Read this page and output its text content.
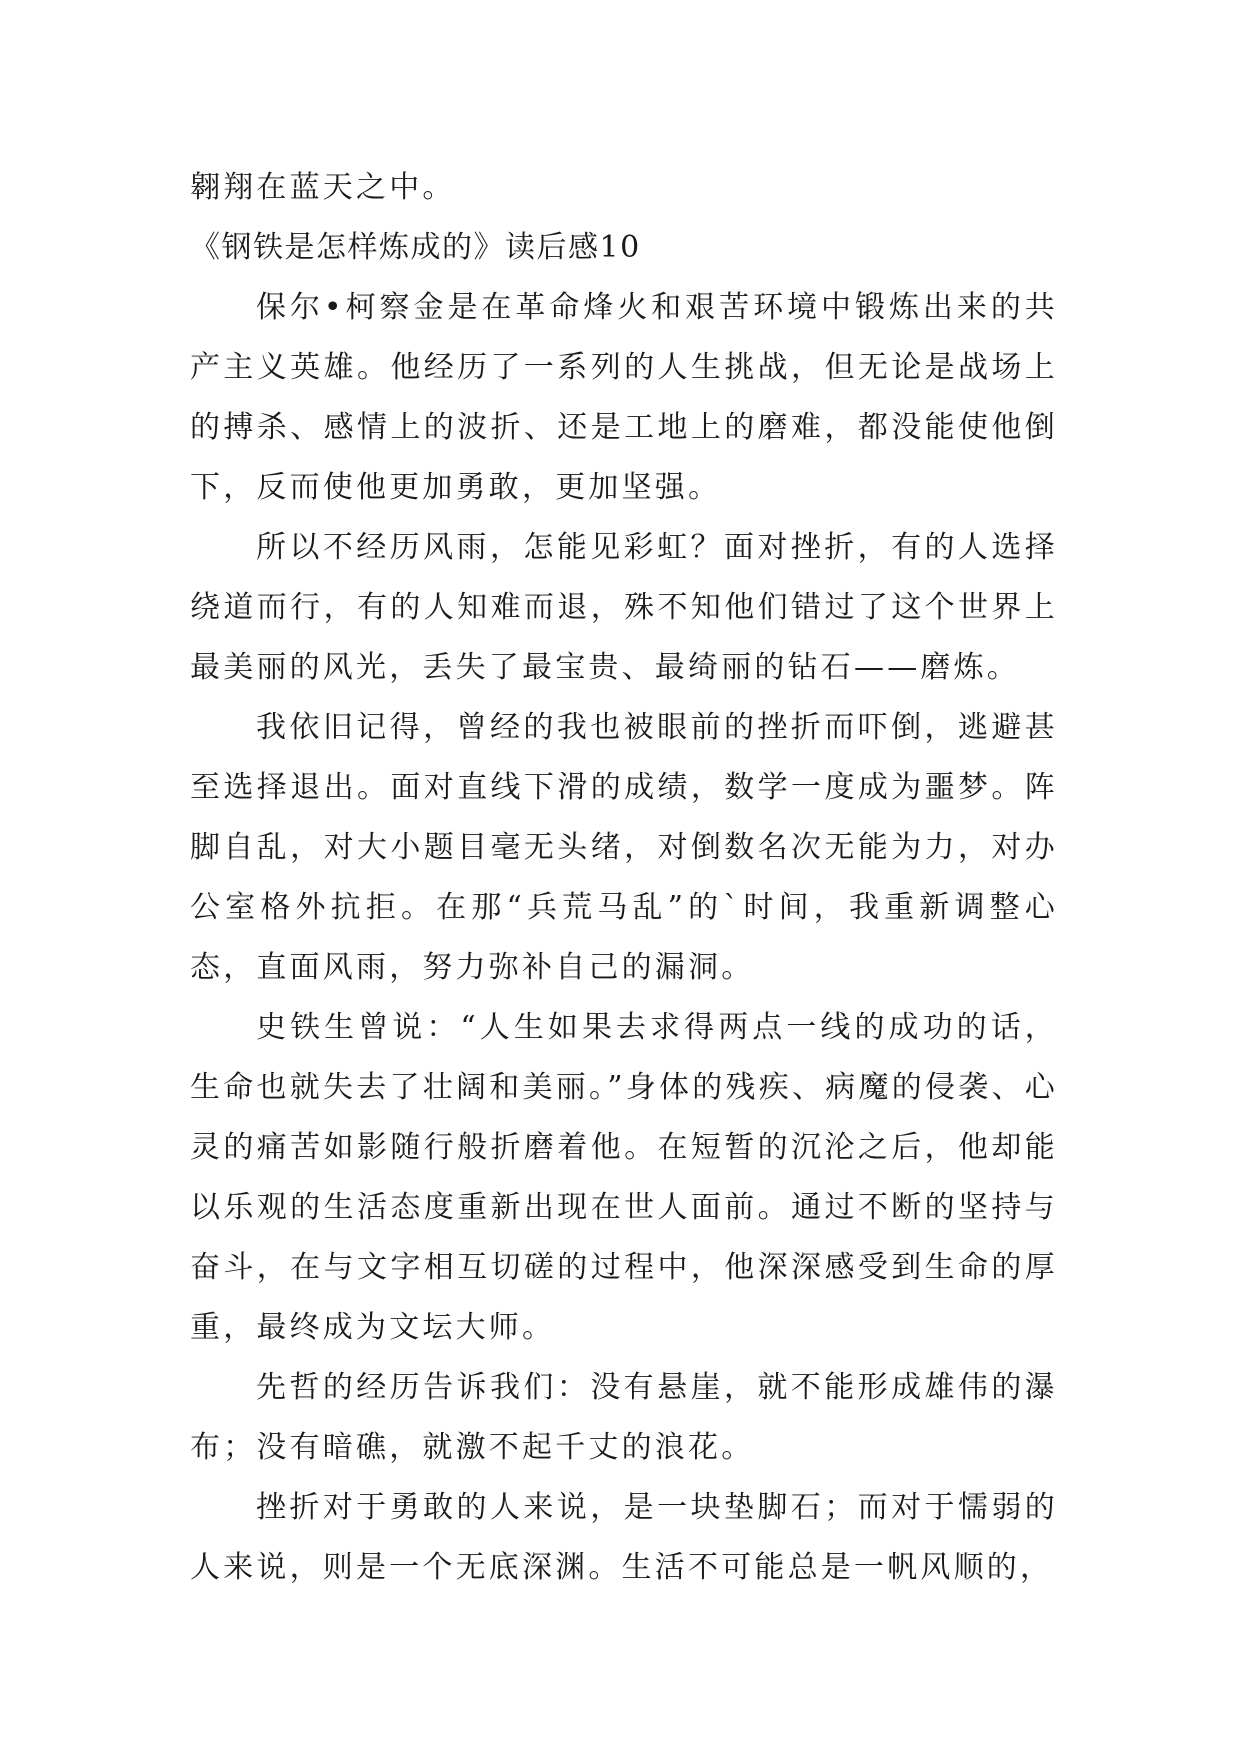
翱翔在蓝天之中。

《钢铁是怎样炼成的》读后感10

保尔•柯察金是在革命烽火和艰苦环境中锻炼出来的共产主义英雄。他经历了一系列的人生挑战，但无论是战场上的搏杀、感情上的波折、还是工地上的磨难，都没能使他倒下，反而使他更加勇敢，更加坚强。

所以不经历风雨，怎能见彩虹？面对挫折，有的人选择绕道而行，有的人知难而退，殊不知他们错过了这个世界上最美丽的风光，丢失了最宝贵、最绮丽的钻石——磨炼。

我依旧记得，曾经的我也被眼前的挫折而吓倒，逃避甚至选择退出。面对直线下滑的成绩，数学一度成为噩梦。阵脚自乱，对大小题目毫无头绪，对倒数名次无能为力，对办公室格外抗拒。在那“兵荒马乱”的`时间，我重新调整心态，直面风雨，努力弥补自己的漏洞。

史铁生曾说：“人生如果去求得两点一线的成功的话，生命也就失去了壮阔和美丽。”身体的残疾、病魔的侵袭、心灵的痛苦如影随行般折磨着他。在短暂的沉沦之后，他却能以乐观的生活态度重新出现在世人面前。通过不断的坚持与奋斗，在与文字相互切磋的过程中，他深深感受到生命的厚重，最终成为文坛大师。

先哲的经历告诉我们：没有悬崖，就不能形成雄伟的瀑布；没有暗礁，就激不起千丈的浪花。

挫折对于勇敢的人来说，是一块垫脚石；而对于懦弱的人来说，则是一个无底深渊。生活不可能总是一帆风顺的，
